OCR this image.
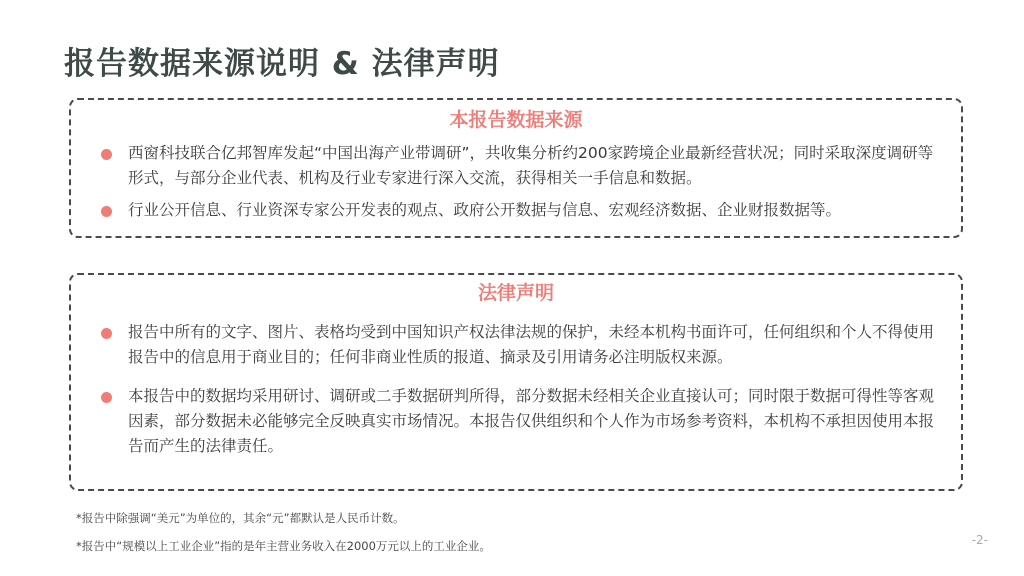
报告数据来源说明 & 法律声明
本报告数据来源
西窗科技联合亿邦智库发起“中国出海产业带调研”，共收集分析约200家跨境企业最新经营状况；同时采取深度调研等形式，与部分企业代表、机构及行业专家进行深入交流，获得相关一手信息和数据。
行业公开信息、行业资深专家公开发表的观点、政府公开数据与信息、宏观经济数据、企业财报数据等。
法律声明
报告中所有的文字、图片、表格均受到中国知识产权法律法规的保护，未经本机构书面许可，任何组织和个人不得使用报告中的信息用于商业目的；任何非商业性质的报道、摘录及引用请务必注明版权来源。
本报告中的数据均采用研讨、调研或二手数据研判所得，部分数据未经相关企业直接认可；同时限于数据可得性等客观因素，部分数据未必能够完全反映真实市场情况。本报告仅供组织和个人作为市场参考资料，本机构不承担因使用本报告而产生的法律责任。
*报告中除强调“美元”为单位的，其余“元”都默认是人民币计数。
*报告中“规模以上工业企业”指的是年主营业务收入在2000万元以上的工业企业。	-2-
